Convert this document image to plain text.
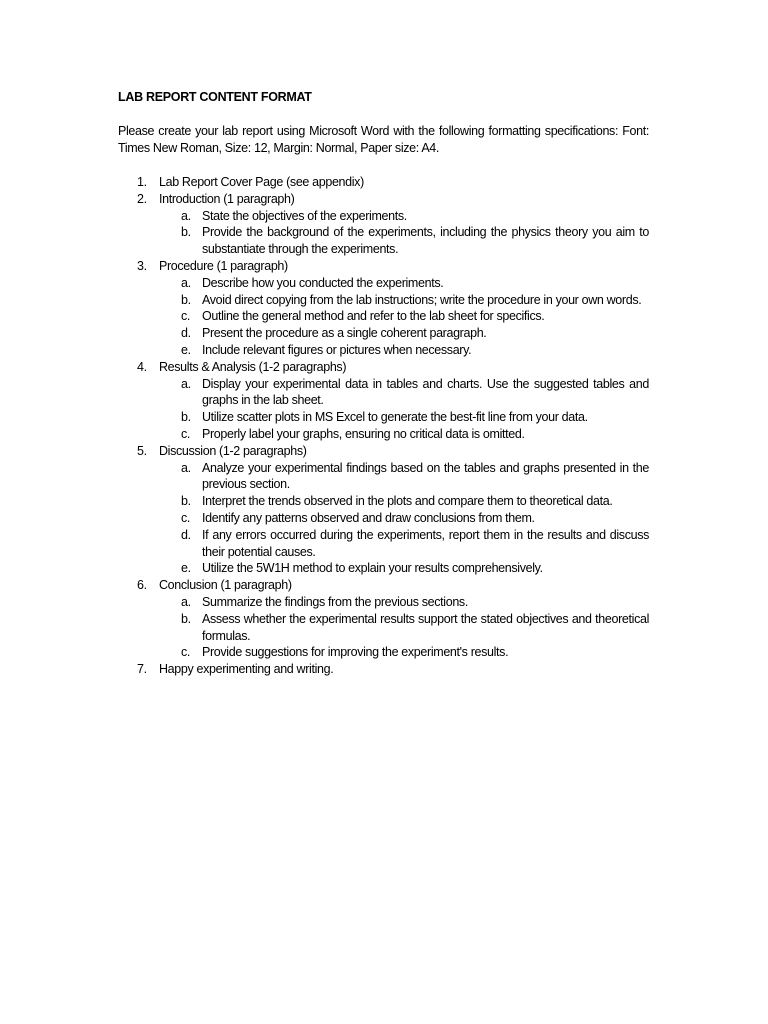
LAB REPORT CONTENT FORMAT
Please create your lab report using Microsoft Word with the following formatting specifications: Font: Times New Roman, Size: 12, Margin: Normal, Paper size: A4.
1. Lab Report Cover Page (see appendix)
2. Introduction (1 paragraph)
a. State the objectives of the experiments.
b. Provide the background of the experiments, including the physics theory you aim to substantiate through the experiments.
3. Procedure (1 paragraph)
a. Describe how you conducted the experiments.
b. Avoid direct copying from the lab instructions; write the procedure in your own words.
c. Outline the general method and refer to the lab sheet for specifics.
d. Present the procedure as a single coherent paragraph.
e. Include relevant figures or pictures when necessary.
4. Results & Analysis (1-2 paragraphs)
a. Display your experimental data in tables and charts. Use the suggested tables and graphs in the lab sheet.
b. Utilize scatter plots in MS Excel to generate the best-fit line from your data.
c. Properly label your graphs, ensuring no critical data is omitted.
5. Discussion (1-2 paragraphs)
a. Analyze your experimental findings based on the tables and graphs presented in the previous section.
b. Interpret the trends observed in the plots and compare them to theoretical data.
c. Identify any patterns observed and draw conclusions from them.
d. If any errors occurred during the experiments, report them in the results and discuss their potential causes.
e. Utilize the 5W1H method to explain your results comprehensively.
6. Conclusion (1 paragraph)
a. Summarize the findings from the previous sections.
b. Assess whether the experimental results support the stated objectives and theoretical formulas.
c. Provide suggestions for improving the experiment's results.
7. Happy experimenting and writing.
